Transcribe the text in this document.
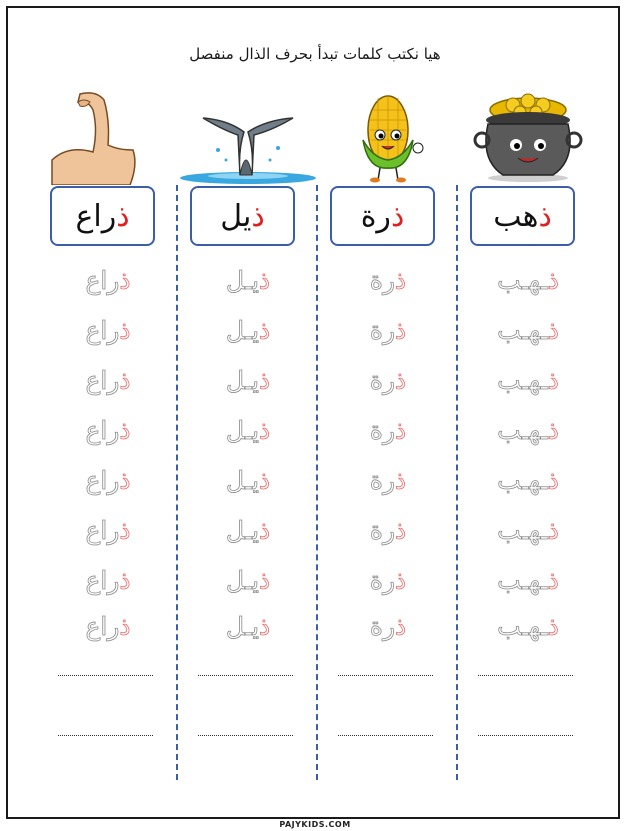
هيا نكتب كلمات تبدأ بحرف الذال منفصل
ذ
هب
ذـهـب
ذـهـب
ذـهـب
ذـهـب
ذـهـب
ذـهـب
ذـهـب
ذـهـب
ذ
رة
ذرة
ذرة
ذرة
ذرة
ذرة
ذرة
ذرة
ذرة
ذ
يل
ذيـل
ذيـل
ذيـل
ذيـل
ذيـل
ذيـل
ذيـل
ذيـل
ذ
راع
ذراع
ذراع
ذراع
ذراع
ذراع
ذراع
ذراع
ذراع
PAJYKIDS.COM
